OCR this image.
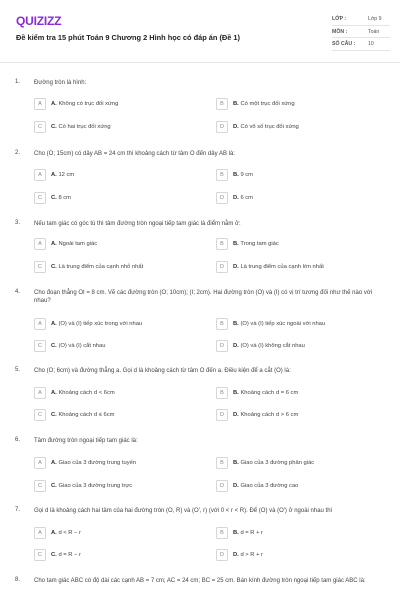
QUIZIZZ
Đề kiểm tra 15 phút Toán 9 Chương 2 Hình học có đáp án (Đề 1)
LỚP :	Lớp 9
MÔN :	Toán
SỐ CÂU : 10
1. Đường tròn là hình:
A	A. Không có trục đối xứng	B	B. Có một trục đối xứng
C	C. Có hai trục đối xứng	D	D. Có vô số trục đối xứng
2. Cho (O; 15cm) có dây AB = 24 cm thì khoảng cách từ tâm O đến dây AB là:
A	A. 12 cm	B	B. 9 cm
C	C. 8 cm	D	D. 6 cm
3. Nếu tam giác có góc tù thì tâm đường tròn ngoại tiếp tam giác là điểm nằm ở:
A	A. Ngoài tam giác	B	B. Trong tam giác
C	C. Là trung điểm của cạnh nhỏ nhất	D	D. Là trung điểm của cạnh lớn nhất
4. Cho đoạn thẳng OI = 8 cm. Vẽ các đường tròn (O; 10cm); (I; 2cm). Hai đường tròn (O) và (I) có vị trí tương đối như thế nào với nhau?
A	A. (O) và (I) tiếp xúc trong với nhau	B	B. (O) và (I) tiếp xúc ngoài với nhau
C	C. (O) và (I) cắt nhau	D	D. (O) và (I) không cắt nhau
5. Cho (O; 6cm) và đường thẳng a. Gọi d là khoảng cách từ tâm O đến a. Điều kiện để a cắt (O) là:
A	A. Khoảng cách d < 6cm	B	B. Khoảng cách d = 6 cm
C	C. Khoảng cách d ≤ 6cm	D	D. Khoảng cách d > 6 cm
6. Tâm đường tròn ngoại tiếp tam giác là:
A	A. Giao của 3 đường trung tuyến	B	B. Giao của 3 đường phân giác
C	C. Giao của 3 đường trung trực	D	D. Giao của 3 đường cao
7. Gọi d là khoảng cách hai tâm của hai đường tròn (O, R) và (O', r) (với 0 < r < R). Để (O) và (O') ở ngoài nhau thì
A	A. d < R − r	B	B. d = R + r
C	C. d = R − r	D	D. d > R + r
8. Cho tam giác ABC có độ dài các cạnh AB = 7 cm; AC = 24 cm; BC = 25 cm. Bán kính đường tròn ngoại tiếp tam giác ABC là:
